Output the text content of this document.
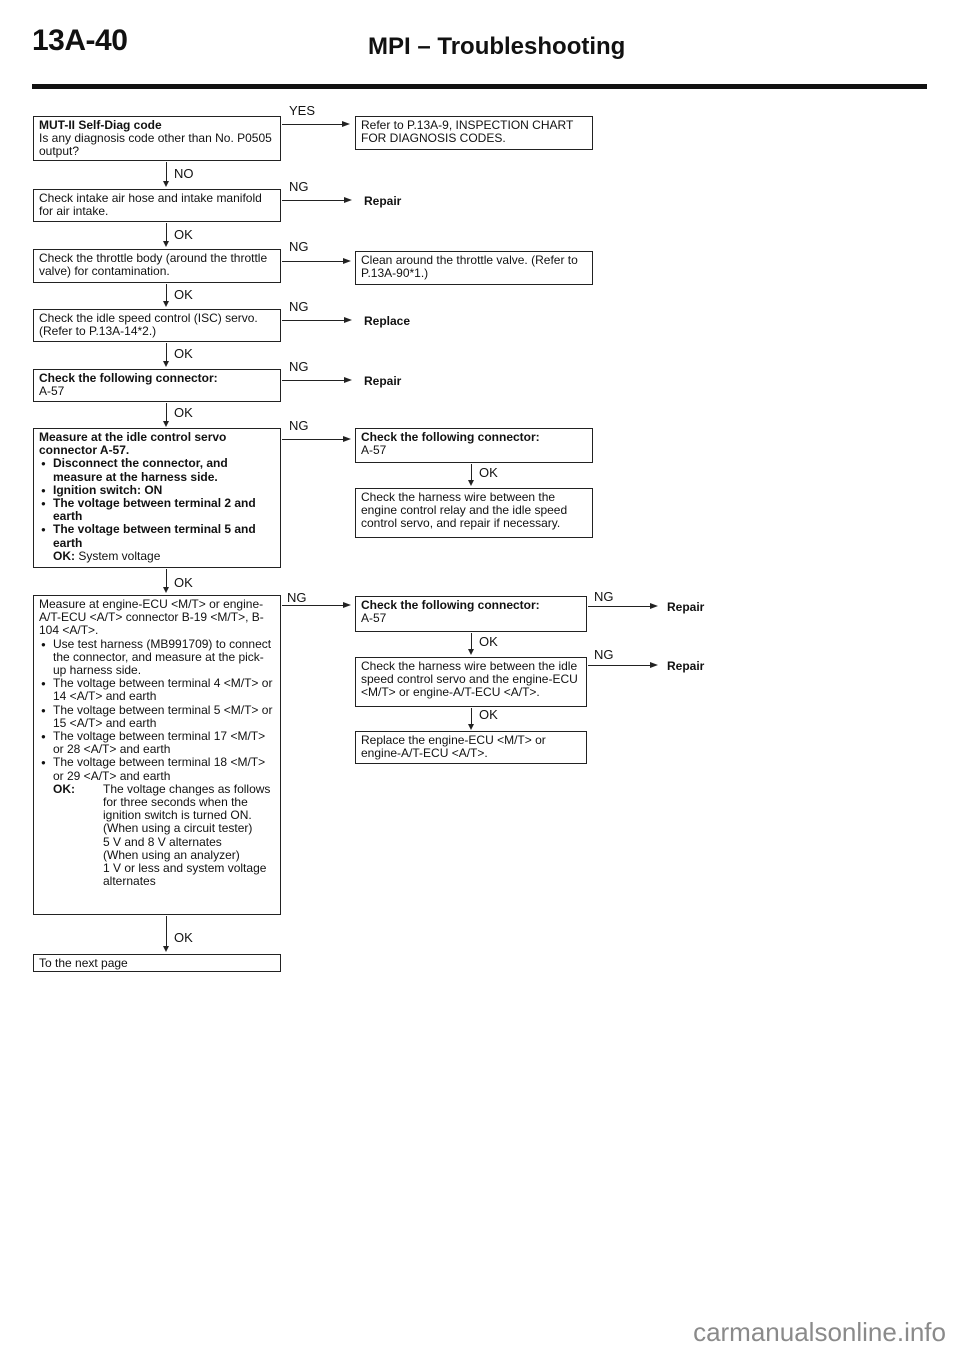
13A-40	MPI – Troubleshooting

MUT-II Self-Diag code

Is any diagnosis code other than No. P0505 output?

YES

Refer to P.13A-9, INSPECTION CHART FOR DIAGNOSIS CODES.

NO

Check intake air hose and intake manifold for air intake.

NG
Repair
OK

Check the throttle body (around the throttle valve) for contamination.

NG

Clean around the throttle valve. (Refer to P.13A-90*1.)

OK

Check the idle speed control (ISC) servo. (Refer to P.13A-14*2.)

NG
Replace
OK

Check the following connector:

A-57

NG
Repair
OK

Measure at the idle control servo connector A-57.

● Disconnect the connector, and measure at the harness side.
● Ignition switch: ON
● The voltage between terminal 2 and earth
● The voltage between terminal 5 and earth

OK: System voltage

NG

Check the following connector:

A-57

OK

Check the harness wire between the engine control relay and the idle speed control servo, and repair if necessary.

OK

Measure at engine-ECU <M/T> or engine-A/T-ECU <A/T> connector B-19 <M/T>, B-104 <A/T>.

● Use test harness (MB991709) to connect the connector, and measure at the pick-up harness side.
● The voltage between terminal 4 <M/T> or 14 <A/T> and earth
● The voltage between terminal 5 <M/T> or 15 <A/T> and earth
● The voltage between terminal 17 <M/T> or 28 <A/T> and earth
● The voltage between terminal 18 <M/T> or 29 <A/T> and earth
OK: The voltage changes as follows for three seconds when the ignition switch is turned ON.

(When using a circuit tester)

5 V and 8 V alternates

(When using an analyzer)

1 V or less and system voltage alternates

NG	Check the following connector:

A-57

NG
Repair
OK

Check the harness wire between the idle speed control servo and the engine-ECU <M/T> or engine-A/T-ECU <A/T>.

NG
Repair
OK

Replace the engine-ECU <M/T> or engine-A/T-ECU <A/T>.

OK

To the next page

carmanualsonline.info
